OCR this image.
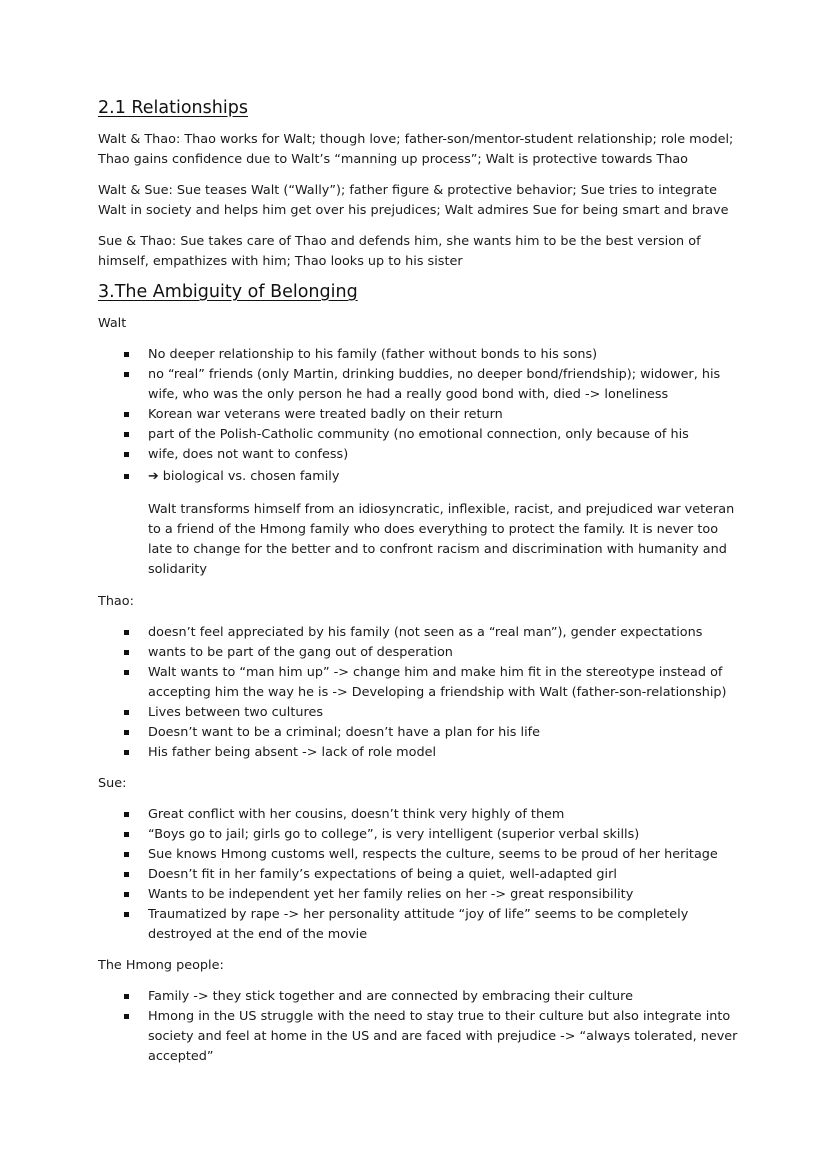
2.1 Relationships

Walt & Thao: Thao works for Walt; though love; father-son/mentor-student relationship; role model; Thao gains confidence due to Walt’s “manning up process”; Walt is protective towards Thao

Walt & Sue: Sue teases Walt (“Wally”); father figure & protective behavior; Sue tries to integrate Walt in society and helps him get over his prejudices; Walt admires Sue for being smart and brave

Sue & Thao: Sue takes care of Thao and defends him, she wants him to be the best version of himself, empathizes with him; Thao looks up to his sister

3.The Ambiguity of Belonging
Walt
No deeper relationship to his family (father without bonds to his sons)
no “real” friends (only Martin, drinking buddies, no deeper bond/friendship); widower, his wife, who was the only person he had a really good bond with, died -> loneliness
Korean war veterans were treated badly on their return
part of the Polish-Catholic community (no emotional connection, only because of his
wife, does not want to confess)
➔ biological vs. chosen family
Walt transforms himself from an idiosyncratic, inflexible, racist, and prejudiced war veteran to a friend of the Hmong family who does everything to protect the family. It is never too late to change for the better and to confront racism and discrimination with humanity and solidarity
Thao:
doesn’t feel appreciated by his family (not seen as a “real man”), gender expectations
wants to be part of the gang out of desperation
Walt wants to “man him up” -> change him and make him fit in the stereotype instead of accepting him the way he is -> Developing a friendship with Walt (father-son-relationship)
Lives between two cultures
Doesn’t want to be a criminal; doesn’t have a plan for his life
His father being absent -> lack of role model
Sue:
Great conflict with her cousins, doesn’t think very highly of them
“Boys go to jail; girls go to college”, is very intelligent (superior verbal skills)
Sue knows Hmong customs well, respects the culture, seems to be proud of her heritage
Doesn’t fit in her family’s expectations of being a quiet, well-adapted girl
Wants to be independent yet her family relies on her -> great responsibility
Traumatized by rape -> her personality attitude “joy of life” seems to be completely destroyed at the end of the movie
The Hmong people:
Family -> they stick together and are connected by embracing their culture
Hmong in the US struggle with the need to stay true to their culture but also integrate into society and feel at home in the US and are faced with prejudice -> “always tolerated, never accepted”
